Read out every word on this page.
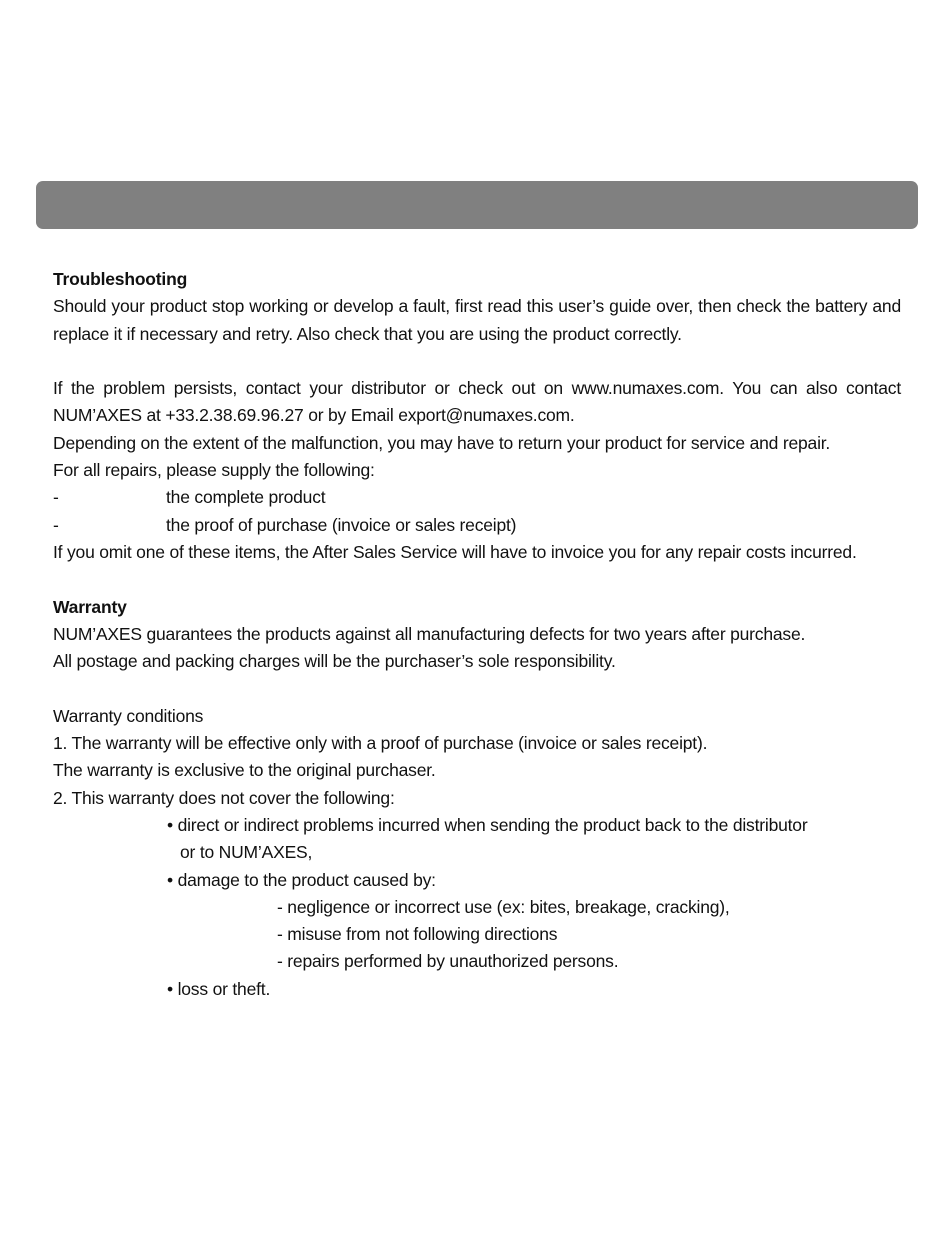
Troubleshooting
Should your product stop working or develop a fault, first read this user’s guide over, then check the battery and replace it if necessary and retry. Also check that you are using the product correctly.
If the problem persists, contact your distributor or check out on www.numaxes.com. You can also contact NUM’AXES at +33.2.38.69.96.27 or by Email export@numaxes.com.
Depending on the extent of the malfunction, you may have to return your product for service and repair.
For all repairs, please supply the following:
-	the complete product
-	the proof of purchase (invoice or sales receipt)
If you omit one of these items, the After Sales Service will have to invoice you for any repair costs incurred.
Warranty
NUM’AXES guarantees the products against all manufacturing defects for two years after purchase.
All postage and packing charges will be the purchaser’s sole responsibility.
Warranty conditions
1. The warranty will be effective only with a proof of purchase (invoice or sales receipt).
The warranty is exclusive to the original purchaser.
2. This warranty does not cover the following:
• direct or indirect problems incurred when sending the product back to the distributor
or to NUM’AXES,
• damage to the product caused by:
- negligence or incorrect use (ex: bites, breakage, cracking),
- misuse from not following directions
- repairs performed by unauthorized persons.
• loss or theft.
